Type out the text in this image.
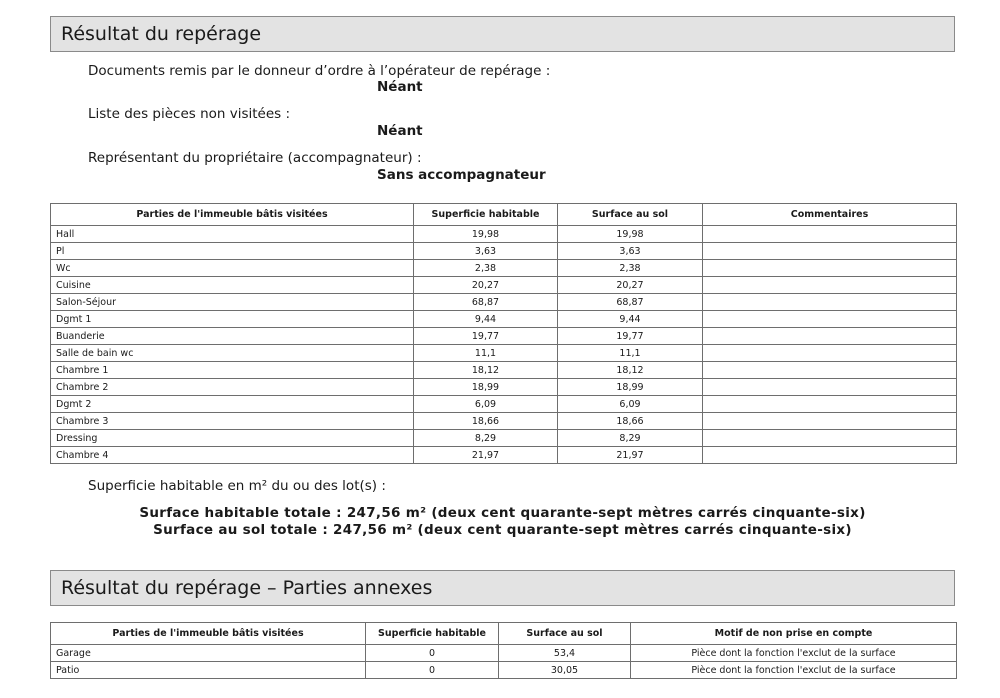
Résultat du repérage
Documents remis par le donneur d’ordre à l’opérateur de repérage :
Néant
Liste des pièces non visitées :
Néant
Représentant du propriétaire (accompagnateur) :
Sans accompagnateur
Parties de l'immeuble bâtis visitées	Superficie habitable	Surface au sol	Commentaires
Hall	19,98	19,98	
Pl	3,63	3,63	
Wc	2,38	2,38	
Cuisine	20,27	20,27	
Salon-Séjour	68,87	68,87	
Dgmt 1	9,44	9,44	
Buanderie	19,77	19,77	
Salle de bain wc	11,1	11,1	
Chambre 1	18,12	18,12	
Chambre 2	18,99	18,99	
Dgmt 2	6,09	6,09	
Chambre 3	18,66	18,66	
Dressing	8,29	8,29	
Chambre 4	21,97	21,97	
Superficie habitable en m² du ou des lot(s) :
Surface habitable totale : 247,56 m² (deux cent quarante-sept mètres carrés cinquante-six)
Surface au sol totale : 247,56 m² (deux cent quarante-sept mètres carrés cinquante-six)
Résultat du repérage – Parties annexes
Parties de l'immeuble bâtis visitées	Superficie habitable	Surface au sol	Motif de non prise en compte
Garage	0	53,4	Pièce dont la fonction l'exclut de la surface
Patio	0	30,05	Pièce dont la fonction l'exclut de la surface
